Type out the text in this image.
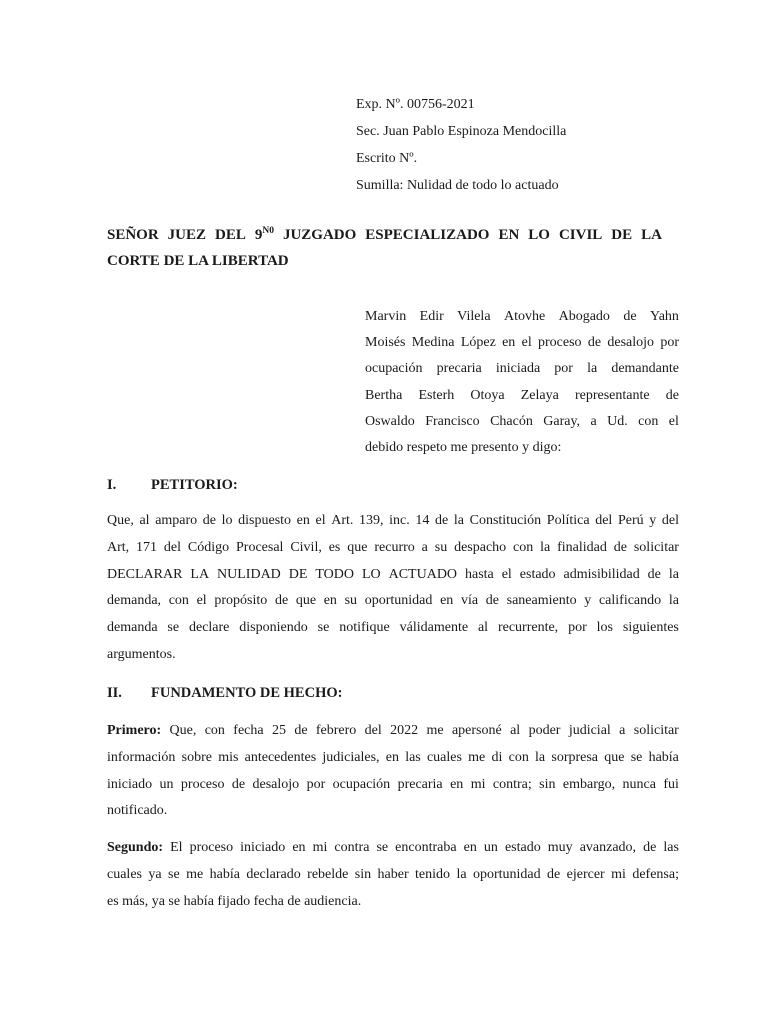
Exp. Nº. 00756-2021
Sec. Juan Pablo Espinoza Mendocilla
Escrito Nº.
Sumilla: Nulidad de todo lo actuado
SEÑOR JUEZ DEL $9^{N0}$ JUZGADO ESPECIALIZADO EN LO CIVIL DE LA
CORTE DE LA LIBERTAD
Marvin Edir Vilela Atovhe Abogado de Yahn
Moisés Medina López en el proceso de desalojo por
ocupación precaria iniciada por la demandante
Bertha Esterh Otoya Zelaya representante de
Oswaldo Francisco Chacón Garay, a Ud. con el
debido respeto me presento y digo:
I. PETITORIO:
Que, al amparo de lo dispuesto en el Art. 139, inc. 14 de la Constitución Política del Perú y del
Art, 171 del Código Procesal Civil, es que recurro a su despacho con la finalidad de solicitar
DECLARAR LA NULIDAD DE TODO LO ACTUADO hasta el estado admisibilidad de la
demanda, con el propósito de que en su oportunidad en vía de saneamiento y calificando la
demanda se declare disponiendo se notifique válidamente al recurrente, por los siguientes
argumentos.
II. FUNDAMENTO DE HECHO:
Primero: Que, con fecha 25 de febrero del 2022 me apersoné al poder judicial a solicitar
información sobre mis antecedentes judiciales, en las cuales me di con la sorpresa que se había
iniciado un proceso de desalojo por ocupación precaria en mi contra; sin embargo, nunca fui
notificado.
Segundo: El proceso iniciado en mi contra se encontraba en un estado muy avanzado, de las
cuales ya se me había declarado rebelde sin haber tenido la oportunidad de ejercer mi defensa;
es más, ya se había fijado fecha de audiencia.
